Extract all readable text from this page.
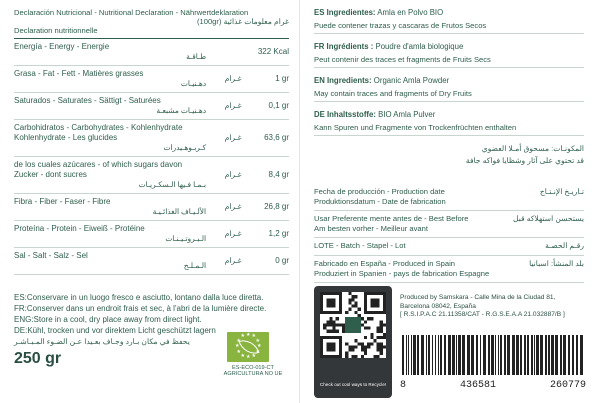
Declaración Nutricional - Nutritional Declaration - Nährwertdeklaration
(100gr) غرام معلومات غذائية
Declaration nutritionnelle
Energía - Energy - Energie
طـاقـة		322 Kcal
Grasa - Fat - Fett - Matières grasses
دهـنيـات	غـرام	1 gr
Saturados - Saturates - Sättigt - Saturées
دهـنيـات مشبعـة	غـرام	0,1 gr
Carbohidratos - Carbohydrates - Kohlenhydrate Kohlenhydrate - Les glucides
كـربـوهـيدرات	غـرام	63,6 gr
de los cuales azúcares - of which sugars davon Zucker - dont sucres
بـمـا فـيها الـسكـريـات	غـرام	8,4 gr
Fibra - Fiber - Faser - Fibre
الألـيـاف الغذائـيـة	غـرام	26,8 gr
Proteína - Protein - Eiweiß - Protéine
الـبـروتـيـنـات	غـرام	1,2 gr
Sal - Salt - Salz - Sel
الـمـلـح	غـرام	0 gr
ES:Conservare in un luogo fresco e asciutto, lontano dalla luce diretta.
FR:Conserver dans un endroit frais et sec, à l'abri de la lumière directe.
ENG:Store in a cool, dry place away from direct light.
DE:Kühl, trocken und vor direktem Licht geschützt lagern
يحفظ في مكان بـارد وجـاف بعـيدا عـن الضـوء المـبـاشـر
250 gr
★
★
★
★
★
★
★
★
★ ★ ★
★
ES-ECO-019-CT
AGRICULTURA NO UE

ES Ingredientes: Amla en Polvo BIO

Puede contener trazas y cascaras de Frutos Secos

FR Ingrédients : Poudre d'amla biologique

Peut contenir des traces et fragments de Fruits Secs

EN Ingredients: Organic Amla Powder

May contain traces and fragments of Dry Fruits

DE Inhaltsstoffe: BIO Amla Pulver

Kann Spuren und Fragmente von Trockenfrüchten enthalten

المكونـات: مسحوق أمـلا العضوي
قد تحتوي على آثار وشظايا فواكه جافة
Fecha de producción - Production date
Produktionsdatum - Date de fabrication
تـاريـخ الإنـتـاج
Usar Preferente mente antes de - Best Before
Am besten vorher - Meilleur avant
يستحسن استهلاكه قبل
LOTE - Batch - Stapel - Lot	رقـم الحصـة
Fabricado en España - Produced in Spain
Produziert in Spanien - pays de fabrication Espagne
بلد المنشأ: اسبانيا
Check out cool ways to Recycle!
Produced by Samskara - Calle Mina de la Ciudad 81,
Barcelona 08042, España
[ R.S.I.P.A.C 21.11358/CAT - R.G.S.E.A.A 21.032887/B ]
8	436581	260779
